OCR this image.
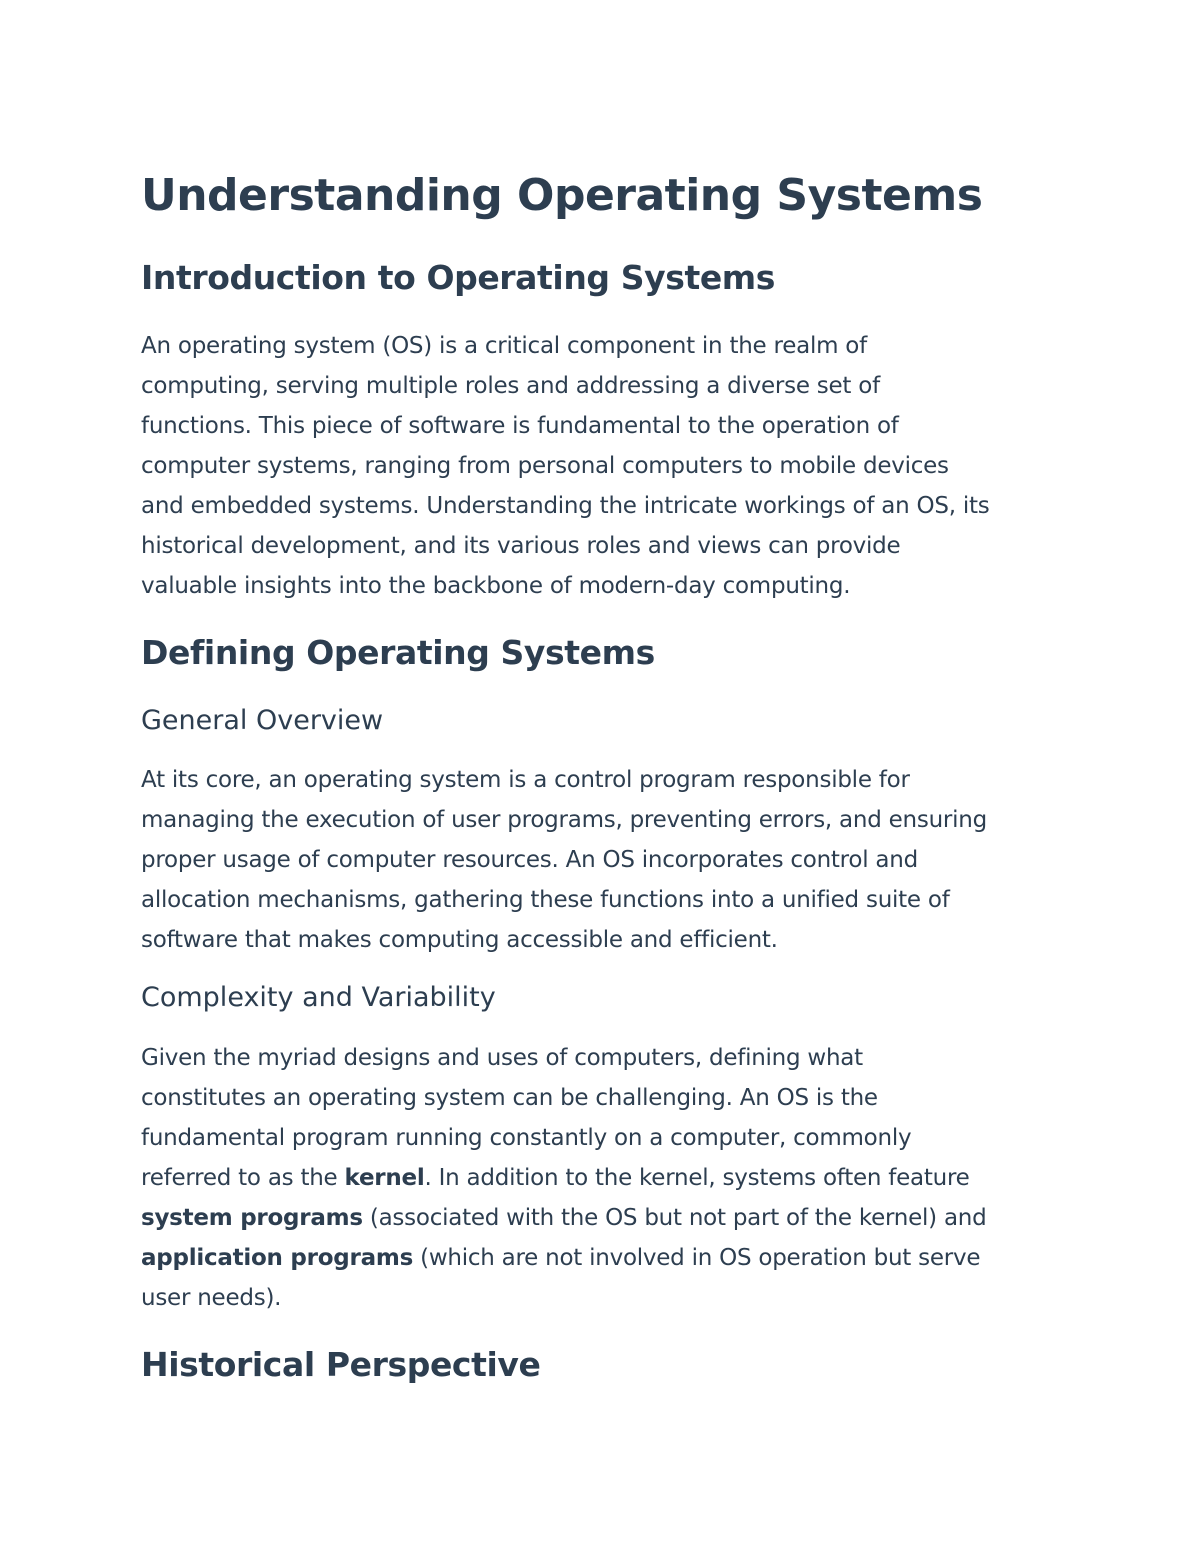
Understanding Operating Systems
Introduction to Operating Systems
An operating system (OS) is a critical component in the realm of
computing, serving multiple roles and addressing a diverse set of
functions. This piece of software is fundamental to the operation of
computer systems, ranging from personal computers to mobile devices
and embedded systems. Understanding the intricate workings of an OS, its
historical development, and its various roles and views can provide
valuable insights into the backbone of modern-day computing.
Defining Operating Systems
General Overview
At its core, an operating system is a control program responsible for
managing the execution of user programs, preventing errors, and ensuring
proper usage of computer resources. An OS incorporates control and
allocation mechanisms, gathering these functions into a unified suite of
software that makes computing accessible and efficient.
Complexity and Variability
Given the myriad designs and uses of computers, defining what
constitutes an operating system can be challenging. An OS is the
fundamental program running constantly on a computer, commonly
referred to as the kernel. In addition to the kernel, systems often feature
system programs (associated with the OS but not part of the kernel) and
application programs (which are not involved in OS operation but serve
user needs).
Historical Perspective
